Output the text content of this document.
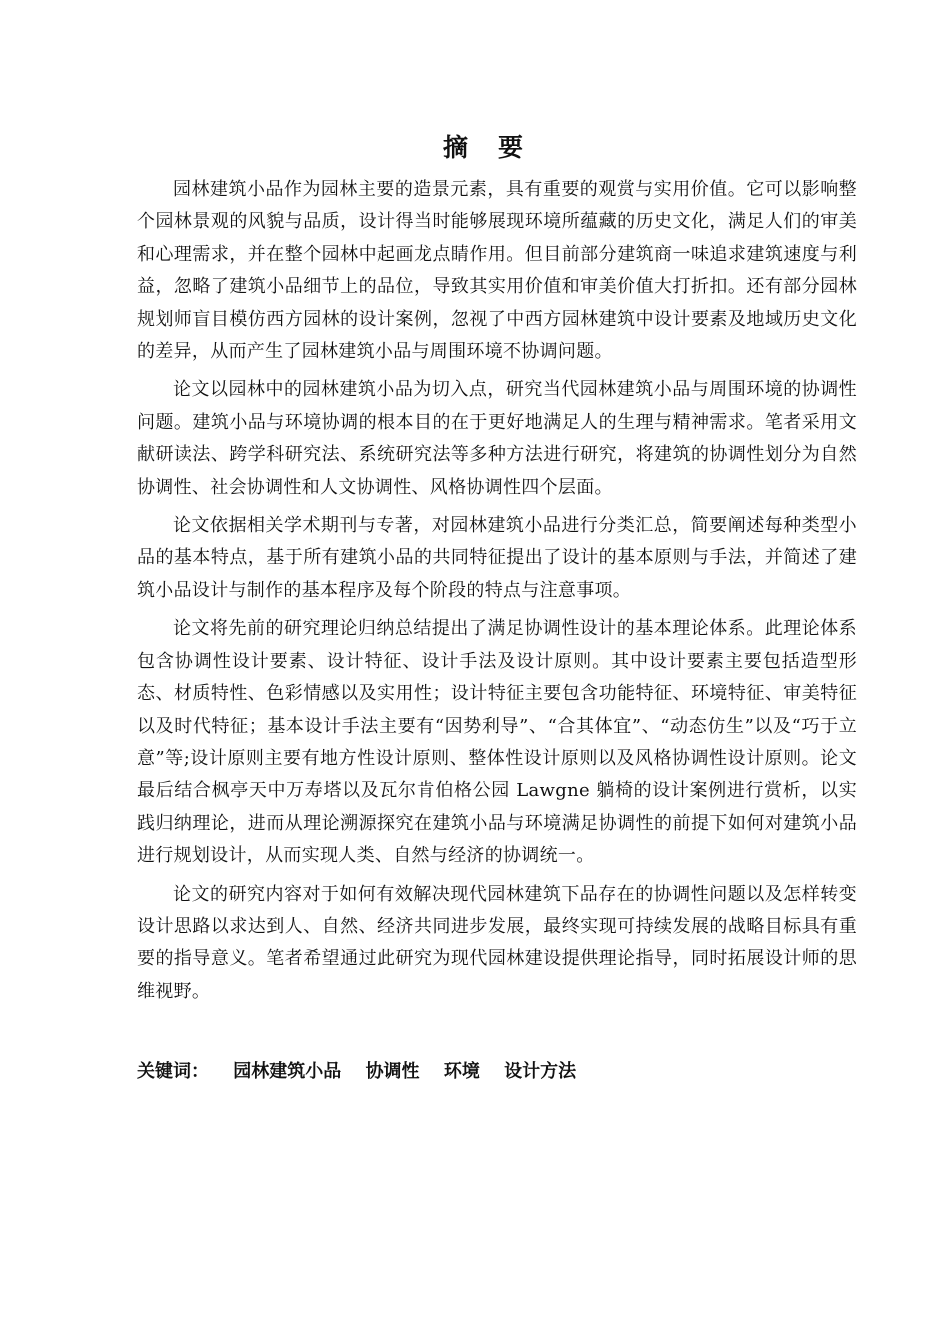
摘要

园林建筑小品作为园林主要的造景元素，具有重要的观赏与实用价值。它可以影响整个园林景观的风貌与品质，设计得当时能够展现环境所蕴藏的历史文化，满足人们的审美和心理需求，并在整个园林中起画龙点睛作用。但目前部分建筑商一味追求建筑速度与利益，忽略了建筑小品细节上的品位，导致其实用价值和审美价值大打折扣。还有部分园林规划师盲目模仿西方园林的设计案例，忽视了中西方园林建筑中设计要素及地域历史文化的差异，从而产生了园林建筑小品与周围环境不协调问题。

论文以园林中的园林建筑小品为切入点，研究当代园林建筑小品与周围环境的协调性问题。建筑小品与环境协调的根本目的在于更好地满足人的生理与精神需求。笔者采用文献研读法、跨学科研究法、系统研究法等多种方法进行研究，将建筑的协调性划分为自然协调性、社会协调性和人文协调性、风格协调性四个层面。

论文依据相关学术期刊与专著，对园林建筑小品进行分类汇总，简要阐述每种类型小品的基本特点，基于所有建筑小品的共同特征提出了设计的基本原则与手法，并简述了建筑小品设计与制作的基本程序及每个阶段的特点与注意事项。

论文将先前的研究理论归纳总结提出了满足协调性设计的基本理论体系。此理论体系包含协调性设计要素、设计特征、设计手法及设计原则。其中设计要素主要包括造型形态、材质特性、色彩情感以及实用性；设计特征主要包含功能特征、环境特征、审美特征以及时代特征；基本设计手法主要有“因势利导”、“合其体宜”、“动态仿生”以及“巧于立意”等;设计原则主要有地方性设计原则、整体性设计原则以及风格协调性设计原则。论文最后结合枫亭天中万寿塔以及瓦尔肯伯格公园 Lawgne 躺椅的设计案例进行赏析，以实践归纳理论，进而从理论溯源探究在建筑小品与环境满足协调性的前提下如何对建筑小品进行规划设计，从而实现人类、自然与经济的协调统一。

论文的研究内容对于如何有效解决现代园林建筑下品存在的协调性问题以及怎样转变设计思路以求达到人、自然、经济共同进步发展，最终实现可持续发展的战略目标具有重要的指导意义。笔者希望通过此研究为现代园林建设提供理论指导，同时拓展设计师的思维视野。

关键词： 园林建筑小品 协调性 环境 设计方法
